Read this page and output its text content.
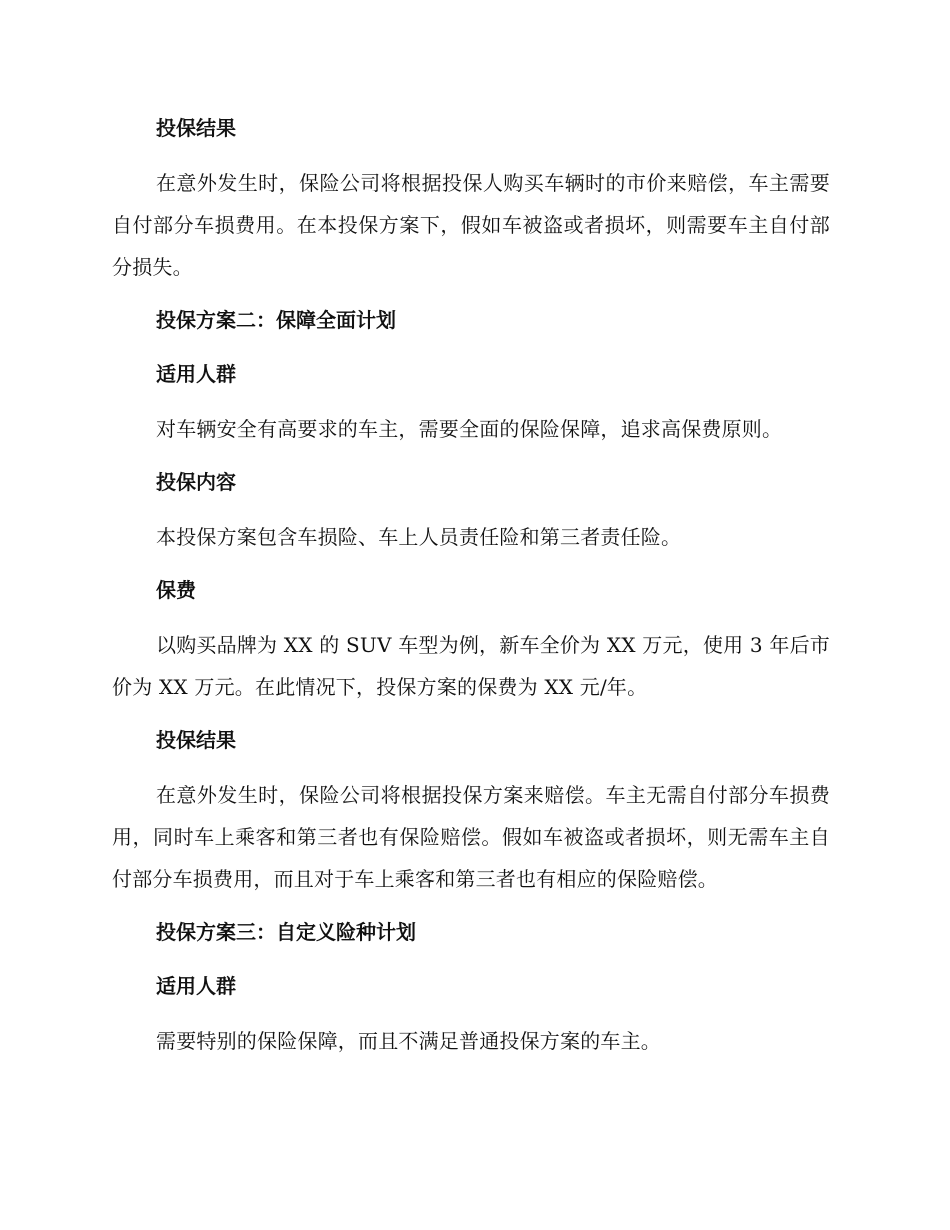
投保结果

在意外发生时，保险公司将根据投保人购买车辆时的市价来赔偿，车主需要自付部分车损费用。在本投保方案下，假如车被盗或者损坏，则需要车主自付部分损失。

投保方案二：保障全面计划
适用人群

对车辆安全有高要求的车主，需要全面的保险保障，追求高保费原则。

投保内容

本投保方案包含车损险、车上人员责任险和第三者责任险。

保费

以购买品牌为 XX 的 SUV 车型为例，新车全价为 XX 万元，使用 3 年后市价为 XX 万元。在此情况下，投保方案的保费为 XX 元/年。

投保结果

在意外发生时，保险公司将根据投保方案来赔偿。车主无需自付部分车损费用，同时车上乘客和第三者也有保险赔偿。假如车被盗或者损坏，则无需车主自付部分车损费用，而且对于车上乘客和第三者也有相应的保险赔偿。

投保方案三：自定义险种计划
适用人群

需要特别的保险保障，而且不满足普通投保方案的车主。
